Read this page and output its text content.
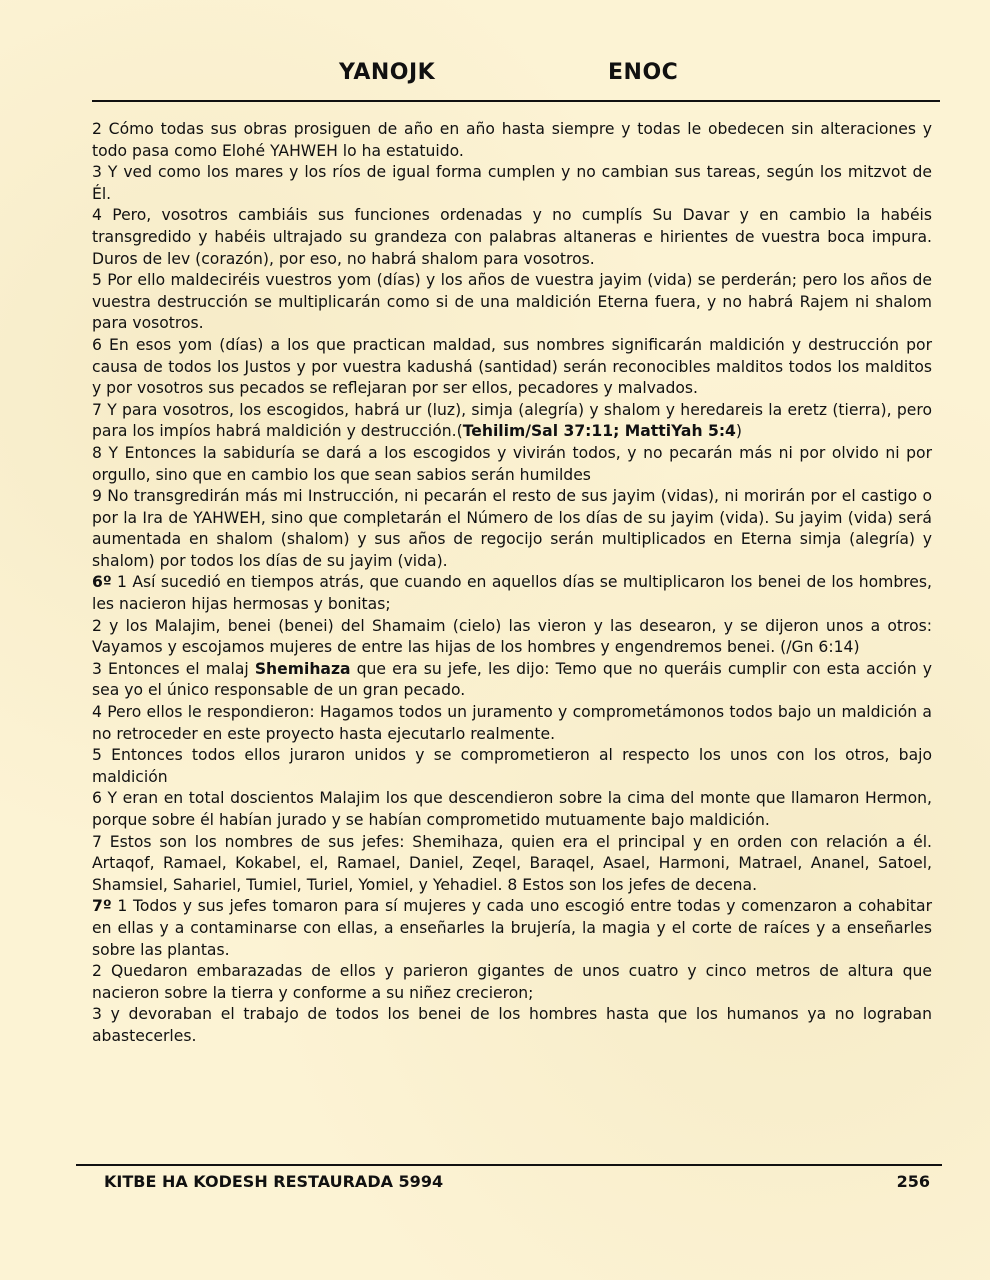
YANOJK	ENOC

2 Cómo todas sus obras prosiguen de año en año hasta siempre y todas le obedecen sin alteraciones y todo pasa como Elohé YAHWEH lo ha estatuido.

3 Y ved como los mares y los ríos de igual forma cumplen y no cambian sus tareas, según los mitzvot de Él.

4 Pero, vosotros cambiáis sus funciones ordenadas y no cumplís Su Davar y en cambio la habéis transgredido y habéis ultrajado su grandeza con palabras altaneras e hirientes de vuestra boca impura. Duros de lev (corazón), por eso, no habrá shalom para vosotros.

5 Por ello maldeciréis vuestros yom (días) y los años de vuestra jayim (vida) se perderán; pero los años de vuestra destrucción se multiplicarán como si de una maldición Eterna fuera, y no habrá Rajem ni shalom para vosotros.

6 En esos yom (días) a los que practican maldad, sus nombres significarán maldición y destrucción por causa de todos los Justos y por vuestra kadushá (santidad) serán reconocibles malditos todos los malditos y por vosotros sus pecados se reflejaran por ser ellos, pecadores y malvados.

7 Y para vosotros, los escogidos, habrá ur (luz), simja (alegría) y shalom y heredareis la eretz (tierra), pero para los impíos habrá maldición y destrucción.(Tehilim/Sal 37:11; MattiYah 5:4)

8 Y Entonces la sabiduría se dará a los escogidos y vivirán todos, y no pecarán más ni por olvido ni por orgullo, sino que en cambio los que sean sabios serán humildes

9 No transgredirán más mi Instrucción, ni pecarán el resto de sus jayim (vidas), ni morirán por el castigo o por la Ira de YAHWEH, sino que completarán el Número de los días de su jayim (vida). Su jayim (vida) será aumentada en shalom (shalom) y sus años de regocijo serán multiplicados en Eterna simja (alegría) y shalom) por todos los días de su jayim (vida).

6º 1 Así sucedió en tiempos atrás, que cuando en aquellos días se multiplicaron los benei de los hombres, les nacieron hijas hermosas y bonitas;

2 y los Malajim, benei (benei) del Shamaim (cielo) las vieron y las desearon, y se dijeron unos a otros: Vayamos y escojamos mujeres de entre las hijas de los hombres y engendremos benei. (/Gn 6:14)

3 Entonces el malaj Shemihaza que era su jefe, les dijo: Temo que no queráis cumplir con esta acción y sea yo el único responsable de un gran pecado.

4 Pero ellos le respondieron: Hagamos todos un juramento y comprometámonos todos bajo un maldición a no retroceder en este proyecto hasta ejecutarlo realmente.

5 Entonces todos ellos juraron unidos y se comprometieron al respecto los unos con los otros, bajo maldición

6 Y eran en total doscientos Malajim los que descendieron sobre la cima del monte que llamaron Hermon, porque sobre él habían jurado y se habían comprometido mutuamente bajo maldición.

7 Estos son los nombres de sus jefes: Shemihaza, quien era el principal y en orden con relación a él. Artaqof, Ramael, Kokabel, el, Ramael, Daniel, Zeqel, Baraqel, Asael, Harmoni, Matrael, Ananel, Satoel, Shamsiel, Sahariel, Tumiel, Turiel, Yomiel, y Yehadiel. 8 Estos son los jefes de decena.

7º 1 Todos y sus jefes tomaron para sí mujeres y cada uno escogió entre todas y comenzaron a cohabitar en ellas y a contaminarse con ellas, a enseñarles la brujería, la magia y el corte de raíces y a enseñarles sobre las plantas.

2 Quedaron embarazadas de ellos y parieron gigantes de unos cuatro y cinco metros de altura que nacieron sobre la tierra y conforme a su niñez crecieron;

3 y devoraban el trabajo de todos los benei de los hombres hasta que los humanos ya no lograban abastecerles.

KITBE HA KODESH RESTAURADA 5994	256
